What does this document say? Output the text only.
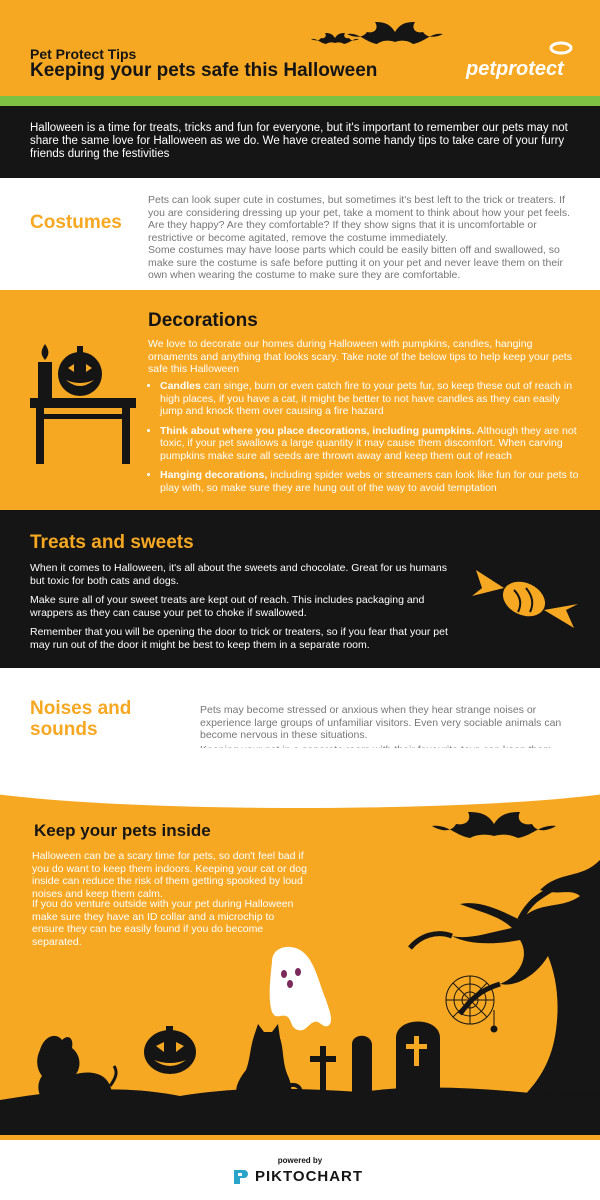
Pet Protect Tips
Keeping your pets safe this Halloween	petprotect

Halloween is a time for treats, tricks and fun for everyone, but it's important to remember our pets may not share the same love for Halloween as we do. We have created some handy tips to take care of your furry friends during the festivities

Costumes

Pets can look super cute in costumes, but sometimes it's best left to the trick or treaters. If you are considering dressing up your pet, take a moment to think about how your pet feels. Are they happy? Are they comfortable? If they show signs that it is uncomfortable or restrictive or become agitated, remove the costume immediately.

Some costumes may have loose parts which could be easily bitten off and swallowed, so make sure the costume is safe before putting it on your pet and never leave them on their own when wearing the costume to make sure they are comfortable.

Decorations

We love to decorate our homes during Halloween with pumpkins, candles, hanging ornaments and anything that looks scary. Take note of the below tips to help keep your pets safe this Halloween

• Candles can singe, burn or even catch fire to your pets fur, so keep these out of reach in high places, if you have a cat, it might be better to not have candles as they can easily jump and knock them over causing a fire hazard
• Think about where you place decorations, including pumpkins. Although they are not toxic, if your pet swallows a large quantity it may cause them discomfort. When carving pumpkins make sure all seeds are thrown away and keep them out of reach
• Hanging decorations, including spider webs or streamers can look like fun for our pets to play with, so make sure they are hung out of the way to avoid temptation
Treats and sweets

When it comes to Halloween, it's all about the sweets and chocolate. Great for us humans but toxic for both cats and dogs.

Make sure all of your sweet treats are kept out of reach. This includes packaging and wrappers as they can cause your pet to choke if swallowed.

Remember that you will be opening the door to trick or treaters, so if you fear that your pet may run out of the door it might be best to keep them in a separate room.

Noises and
sounds

Pets may become stressed or anxious when they hear strange noises or experience large groups of unfamiliar visitors. Even very sociable animals can become nervous in these situations.

Keep your pets inside

Halloween can be a scary time for pets, so don't feel bad if you do want to keep them indoors. Keeping your cat or dog inside can reduce the risk of them getting spooked by loud noises and keep them calm.

If you do venture outside with your pet during Halloween make sure they have an ID collar and a microchip to ensure they can be easily found if you do become separated.

powered by
PIKTOCHART
